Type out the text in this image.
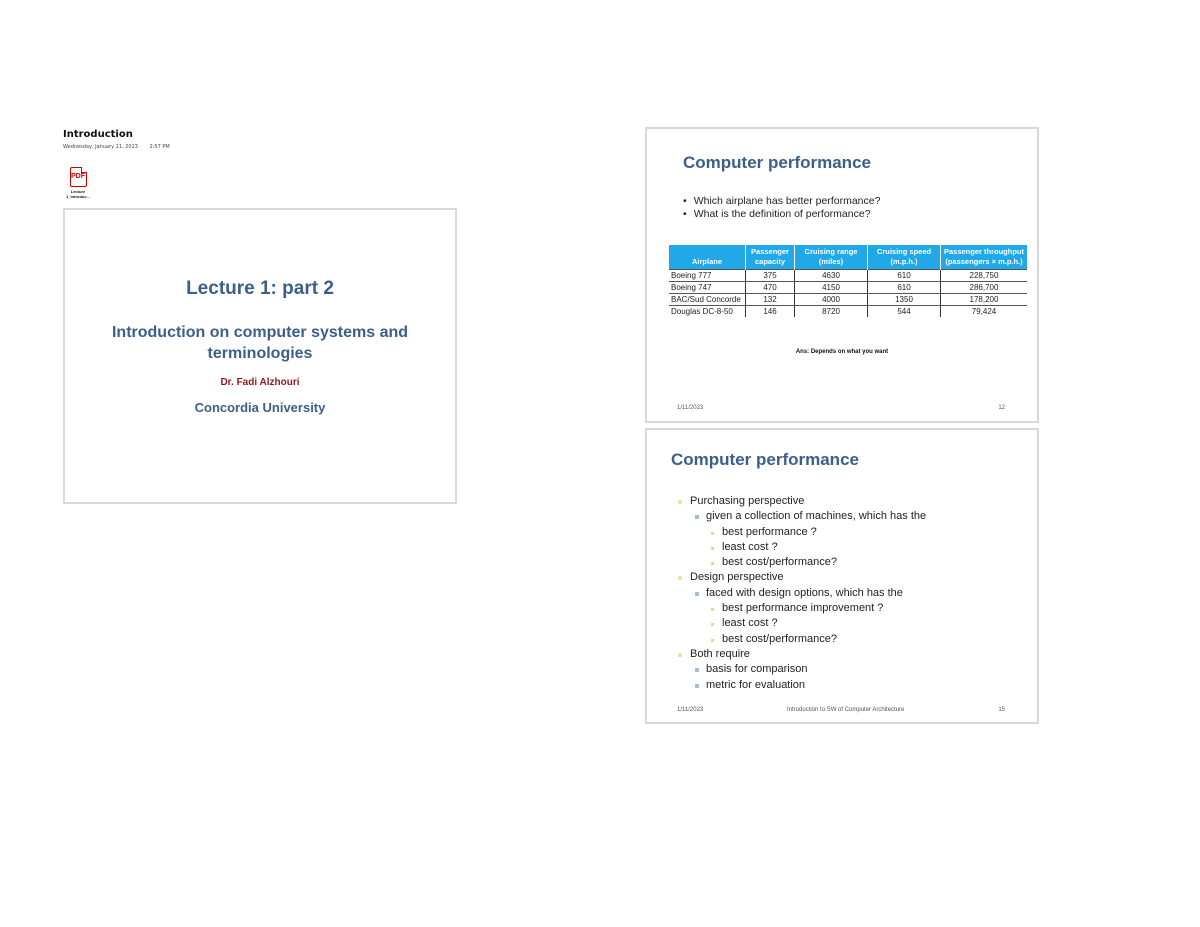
Introduction
Wednesday, January 11, 2023 2:57 PM
PDF
Lecture
1_Introduc...
Lecture 1: part 2
Introduction on computer systems and terminologies
Dr. Fadi Alzhouri
Concordia University
Computer performance
• Which airplane has better performance?
• What is the definition of performance?
Airplane	Passenger capacity	Cruising range (miles)	Cruising speed (m.p.h.)	Passenger throughput (passengers × m.p.h.)
Boeing 777	375	4630	610	228,750
Boeing 747	470	4150	610	286,700
BAC/Sud Concorde	132	4000	1350	178,200
Douglas DC-8-50	146	8720	544	79,424
Ans: Depends on what you want
1/11/2023	12
Computer performance
Purchasing perspective
given a collection of machines, which has the
best performance ?
least cost ?
best cost/performance?
Design perspective
faced with design options, which has the
best performance improvement ?
least cost ?
best cost/performance?
Both require
basis for comparison
metric for evaluation
1/11/2023	Introduction to SW of Computer Architecture	15
